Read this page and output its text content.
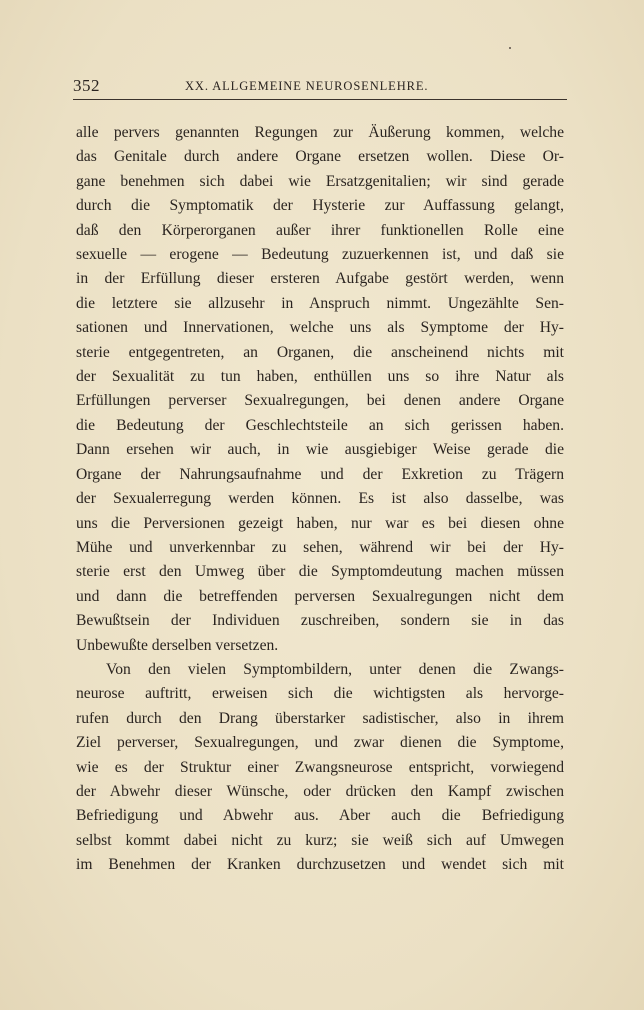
352	XX. ALLGEMEINE NEUROSENLEHRE.
alle pervers genannten Regungen zur Äußerung kommen, welche
das Genitale durch andere Organe ersetzen wollen. Diese Or-
gane benehmen sich dabei wie Ersatzgenitalien; wir sind gerade
durch die Symptomatik der Hysterie zur Auffassung gelangt,
daß den Körperorganen außer ihrer funktionellen Rolle eine
sexuelle — erogene — Bedeutung zuzuerkennen ist, und daß sie
in der Erfüllung dieser ersteren Aufgabe gestört werden, wenn
die letztere sie allzusehr in Anspruch nimmt. Ungezählte Sen-
sationen und Innervationen, welche uns als Symptome der Hy-
sterie entgegentreten, an Organen, die anscheinend nichts mit
der Sexualität zu tun haben, enthüllen uns so ihre Natur als
Erfüllungen perverser Sexualregungen, bei denen andere Organe
die Bedeutung der Geschlechtsteile an sich gerissen haben.
Dann ersehen wir auch, in wie ausgiebiger Weise gerade die
Organe der Nahrungsaufnahme und der Exkretion zu Trägern
der Sexualerregung werden können. Es ist also dasselbe, was
uns die Perversionen gezeigt haben, nur war es bei diesen ohne
Mühe und unverkennbar zu sehen, während wir bei der Hy-
sterie erst den Umweg über die Symptomdeutung machen müssen
und dann die betreffenden perversen Sexualregungen nicht dem
Bewußtsein der Individuen zuschreiben, sondern sie in das
Unbewußte derselben versetzen.
Von den vielen Symptombildern, unter denen die Zwangs-
neurose auftritt, erweisen sich die wichtigsten als hervorge-
rufen durch den Drang überstarker sadistischer, also in ihrem
Ziel perverser, Sexualregungen, und zwar dienen die Symptome,
wie es der Struktur einer Zwangsneurose entspricht, vorwiegend
der Abwehr dieser Wünsche, oder drücken den Kampf zwischen
Befriedigung und Abwehr aus. Aber auch die Befriedigung
selbst kommt dabei nicht zu kurz; sie weiß sich auf Umwegen
im Benehmen der Kranken durchzusetzen und wendet sich mit
